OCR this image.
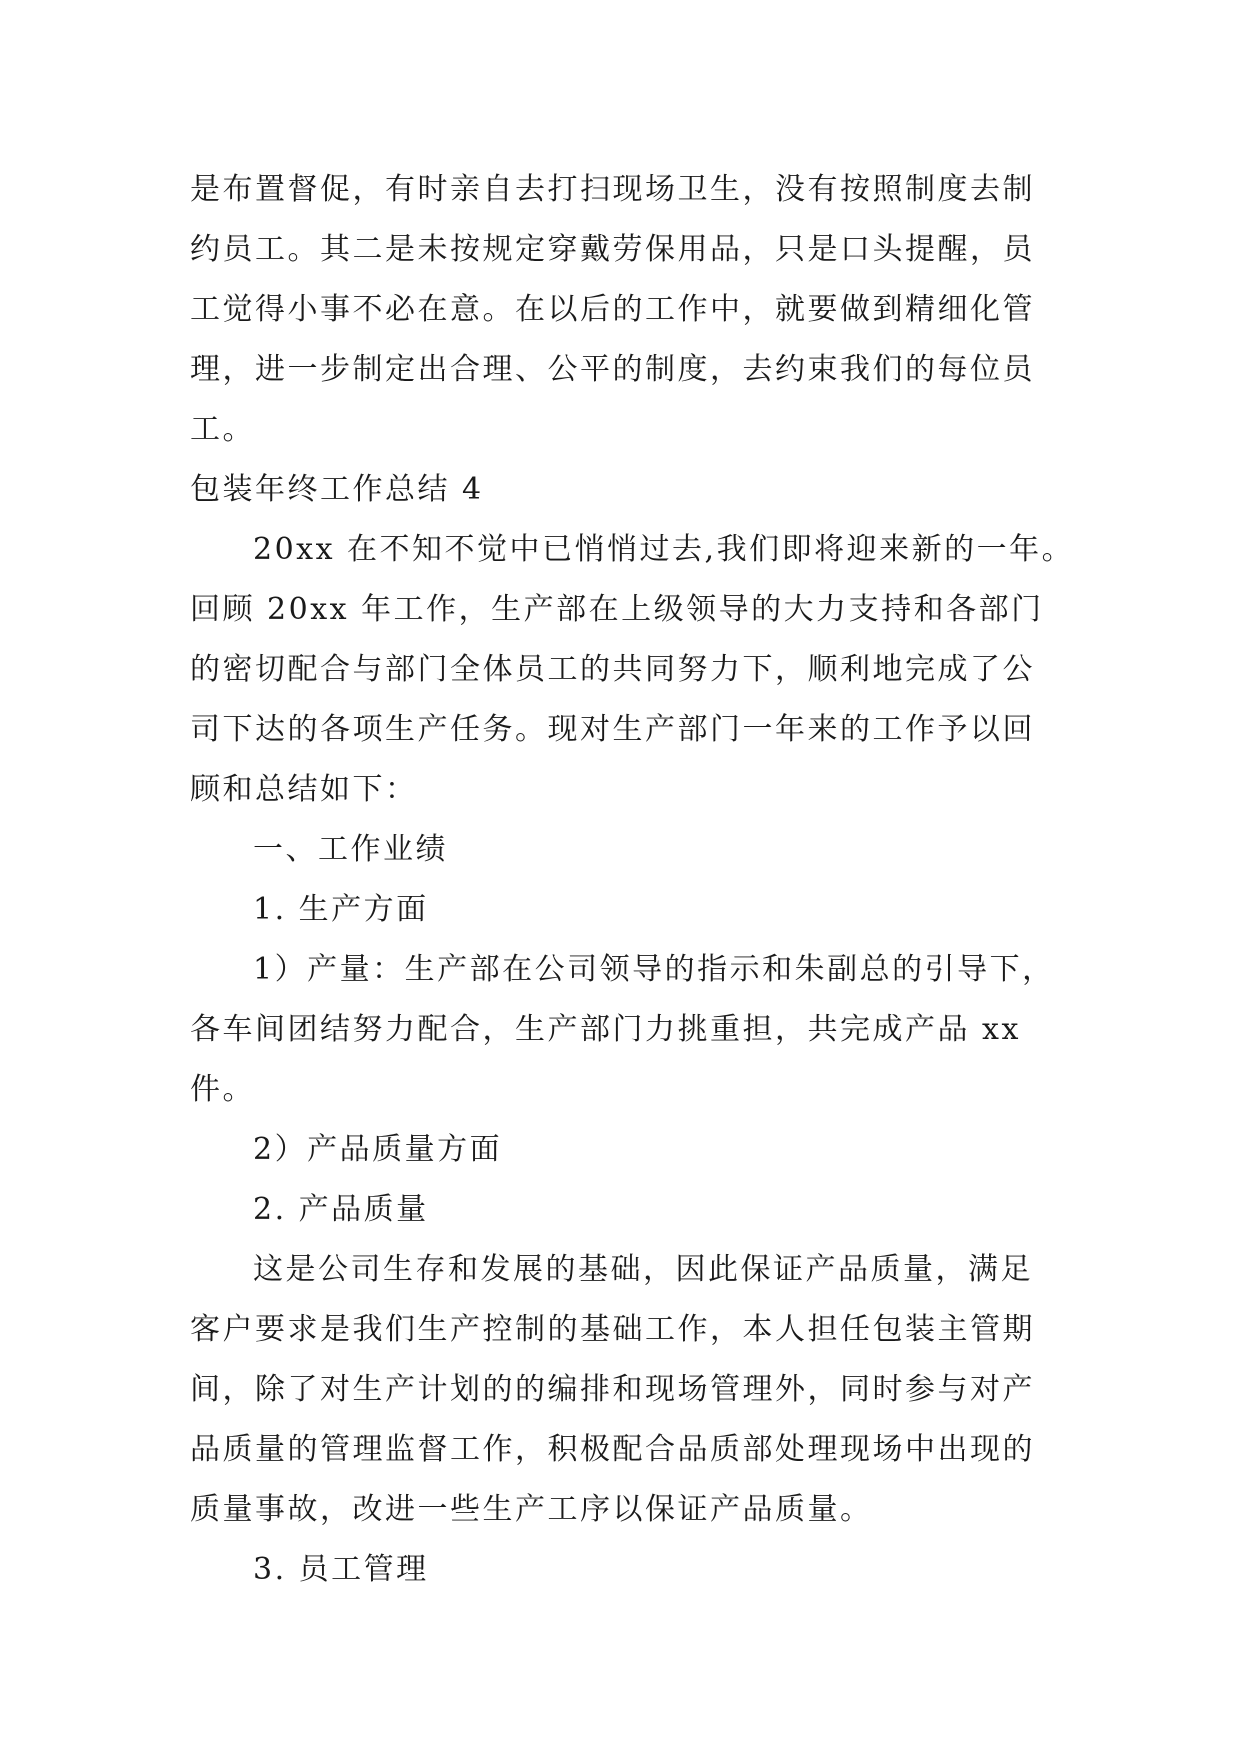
是布置督促，有时亲自去打扫现场卫生，没有按照制度去制
约员工。其二是未按规定穿戴劳保用品，只是口头提醒，员
工觉得小事不必在意。在以后的工作中，就要做到精细化管
理，进一步制定出合理、公平的制度，去约束我们的每位员
工。
包装年终工作总结 4
20xx 在不知不觉中已悄悄过去,我们即将迎来新的一年。
回顾 20xx 年工作，生产部在上级领导的大力支持和各部门
的密切配合与部门全体员工的共同努力下，顺利地完成了公
司下达的各项生产任务。现对生产部门一年来的工作予以回
顾和总结如下：
一、工作业绩
1. 生产方面
1）产量：生产部在公司领导的指示和朱副总的引导下，
各车间团结努力配合，生产部门力挑重担，共完成产品 xx
件。
2）产品质量方面
2. 产品质量
这是公司生存和发展的基础，因此保证产品质量，满足
客户要求是我们生产控制的基础工作，本人担任包装主管期
间，除了对生产计划的的编排和现场管理外，同时参与对产
品质量的管理监督工作，积极配合品质部处理现场中出现的
质量事故，改进一些生产工序以保证产品质量。
3. 员工管理
